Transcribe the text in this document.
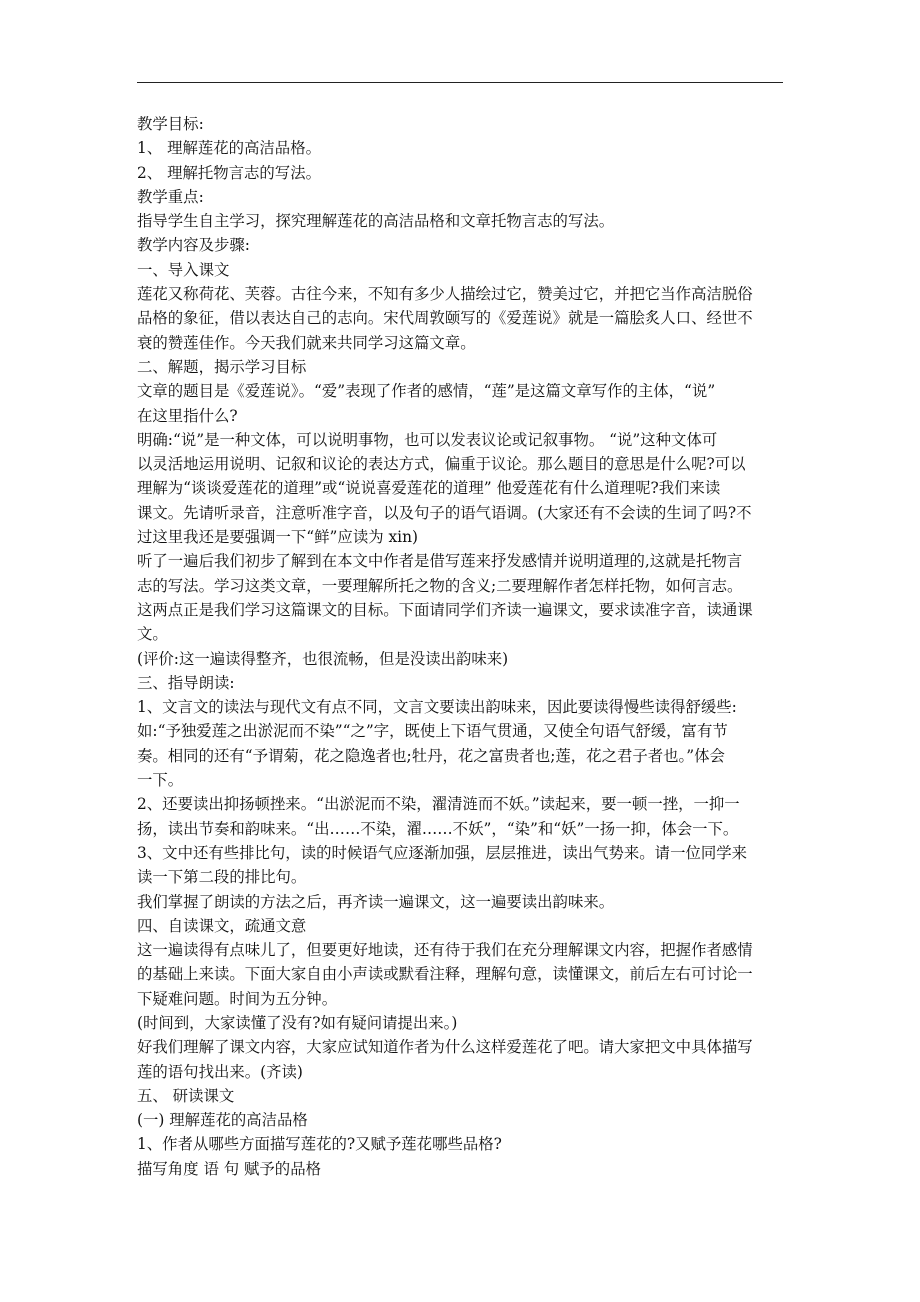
教学目标:
1、 理解莲花的高洁品格。
2、 理解托物言志的写法。
教学重点:
指导学生自主学习，探究理解莲花的高洁品格和文章托物言志的写法。
教学内容及步骤:
一、导入课文
莲花又称荷花、芙蓉。古往今来，不知有多少人描绘过它，赞美过它，并把它当作高洁脱俗
品格的象征，借以表达自己的志向。宋代周敦颐写的《爱莲说》就是一篇脍炙人口、经世不
衰的赞莲佳作。今天我们就来共同学习这篇文章。
二、解题，揭示学习目标
文章的题目是《爱莲说》。“爱”表现了作者的感情，“莲”是这篇文章写作的主体，“说”
在这里指什么?
明确:“说”是一种文体，可以说明事物，也可以发表议论或记叙事物。 “说”这种文体可
以灵活地运用说明、记叙和议论的表达方式，偏重于议论。那么题目的意思是什么呢?可以
理解为“谈谈爱莲花的道理”或“说说喜爱莲花的道理” 他爱莲花有什么道理呢?我们来读
课文。先请听录音，注意听准字音，以及句子的语气语调。(大家还有不会读的生词了吗?不
过这里我还是要强调一下“鲜”应读为 xin)
听了一遍后我们初步了解到在本文中作者是借写莲来抒发感情并说明道理的,这就是托物言
志的写法。学习这类文章，一要理解所托之物的含义;二要理解作者怎样托物，如何言志。
这两点正是我们学习这篇课文的目标。下面请同学们齐读一遍课文，要求读准字音，读通课
文。
(评价:这一遍读得整齐，也很流畅，但是没读出韵味来)
三、指导朗读:
1、文言文的读法与现代文有点不同，文言文要读出韵味来，因此要读得慢些读得舒缓些:
如:“予独爱莲之出淤泥而不染”“之”字，既使上下语气贯通，又使全句语气舒缓，富有节
奏。相同的还有“予谓菊，花之隐逸者也;牡丹，花之富贵者也;莲，花之君子者也。”体会
一下。
2、还要读出抑扬顿挫来。“出淤泥而不染，濯清涟而不妖。”读起来，要一顿一挫，一抑一
扬，读出节奏和韵味来。“出……不染，濯……不妖”，“染”和“妖”一扬一抑，体会一下。
3、文中还有些排比句，读的时候语气应逐渐加强，层层推进，读出气势来。请一位同学来
读一下第二段的排比句。
我们掌握了朗读的方法之后，再齐读一遍课文，这一遍要读出韵味来。
四、自读课文，疏通文意
这一遍读得有点味儿了，但要更好地读，还有待于我们在充分理解课文内容，把握作者感情
的基础上来读。下面大家自由小声读或默看注释，理解句意，读懂课文，前后左右可讨论一
下疑难问题。时间为五分钟。
(时间到，大家读懂了没有?如有疑问请提出来。)
好我们理解了课文内容，大家应试知道作者为什么这样爱莲花了吧。请大家把文中具体描写
莲的语句找出来。(齐读)
五、 研读课文
(一) 理解莲花的高洁品格
1、作者从哪些方面描写莲花的?又赋予莲花哪些品格?
描写角度 语 句 赋予的品格
